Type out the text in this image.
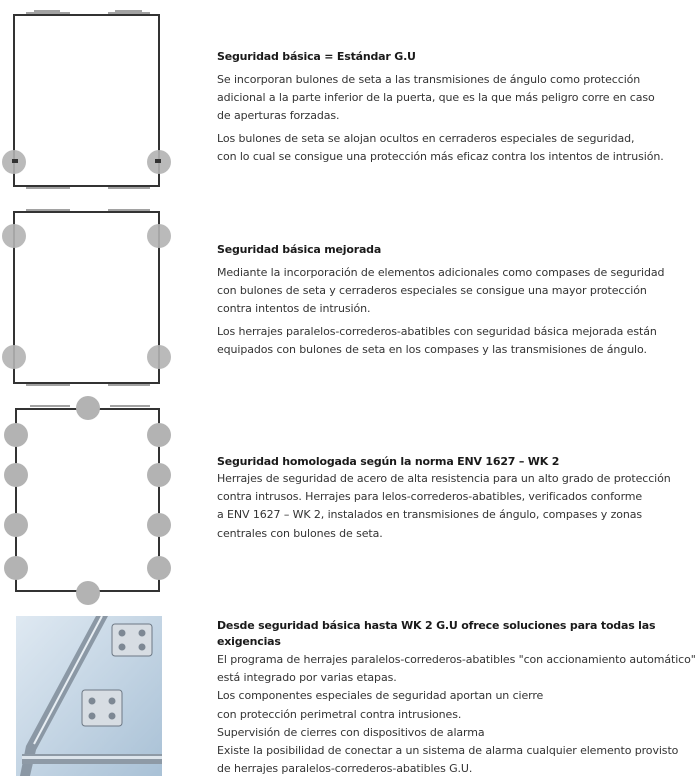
Seguridad básica = Estándar G.U
Se incorporan bulones de seta a las transmisiones de ángulo como protección
adicional a la parte inferior de la puerta, que es la que más peligro corre en caso
de aperturas forzadas.
Los bulones de seta se alojan ocultos en cerraderos especiales de seguridad,
con lo cual se consigue una protección más eficaz contra los intentos de intrusión.
Seguridad básica mejorada
Mediante la incorporación de elementos adicionales como compases de seguridad
con bulones de seta y cerraderos especiales se consigue una mayor protección
contra intentos de intrusión.
Los herrajes paralelos-correderos-abatibles con seguridad básica mejorada están
equipados con bulones de seta en los compases y las transmisiones de ángulo.
Seguridad homologada según la norma ENV 1627 – WK 2
Herrajes de seguridad de acero de alta resistencia para un alto grado de protección
contra intrusos. Herrajes para lelos-correderos-abatibles, verificados conforme
a ENV 1627 – WK 2, instalados en transmisiones de ángulo, compases y zonas
centrales con bulones de seta.
Desde seguridad básica hasta WK 2 G.U ofrece soluciones para todas las exigencias
El programa de herrajes paralelos-correderos-abatibles "con accionamiento automático"
está integrado por varias etapas.
Los componentes especiales de seguridad aportan un cierre
con protección perimetral contra intrusiones.
Supervisión de cierres con dispositivos de alarma
Existe la posibilidad de conectar a un sistema de alarma cualquier elemento provisto
de herrajes paralelos-correderos-abatibles G.U.
